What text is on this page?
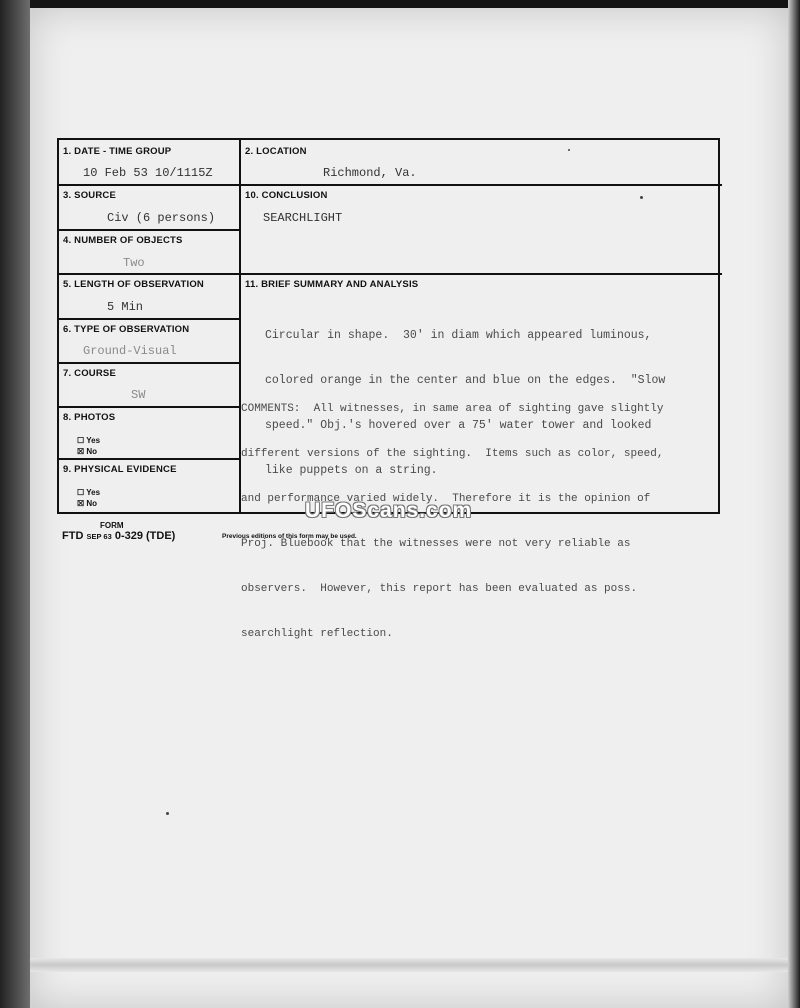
1. DATE - TIME GROUP
10 Feb 53 10/1115Z
2. LOCATION
Richmond, Va.
3. SOURCE
Civ (6 persons)
10. CONCLUSION
SEARCHLIGHT
4. NUMBER OF OBJECTS
Two
5. LENGTH OF OBSERVATION
5 Min
11. BRIEF SUMMARY AND ANALYSIS
6. TYPE OF OBSERVATION
Ground-Visual
7. COURSE
SW
8. PHOTOS
☐ Yes
☒ No
9. PHYSICAL EVIDENCE
☐ Yes
☒ No

Circular in shape.  30' in diam which appeared luminous,

colored orange in the center and blue on the edges.  "Slow

speed." Obj.'s hovered over a 75' water tower and looked

like puppets on a string.

COMMENTS:  All witnesses, in same area of sighting gave slightly

different versions of the sighting.  Items such as color, speed,

and performance varied widely.  Therefore it is the opinion of

Proj. Bluebook that the witnesses were not very reliable as

observers.  However, this report has been evaluated as poss.

searchlight reflection.

UFOScans.com
FORM
FTD SEP 63 0-329 (TDE)	Previous editions of this form may be used.
